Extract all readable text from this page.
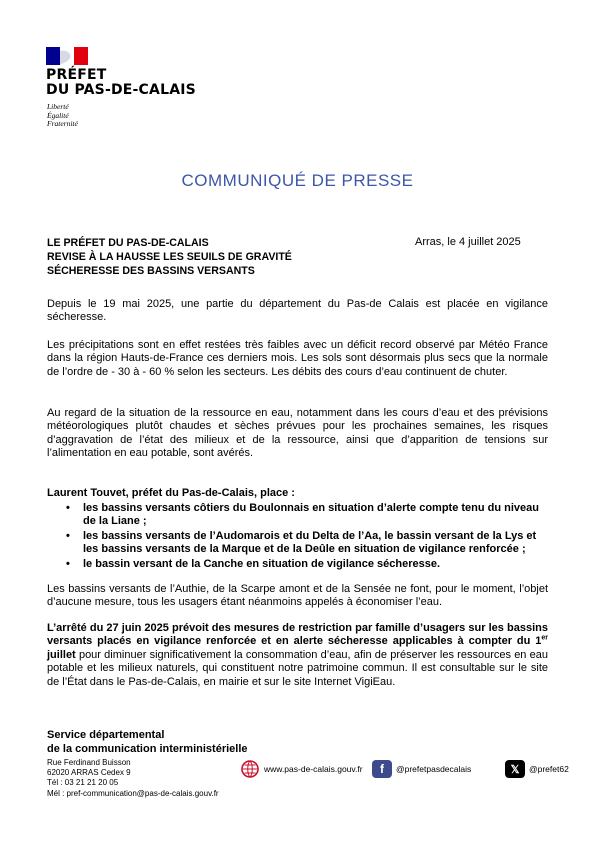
PRÉFET
DU PAS-DE-CALAIS
Liberté
Égalité
Fraternité
COMMUNIQUÉ DE PRESSE
LE PRÉFET DU PAS-DE-CALAIS
REVISE À LA HAUSSE LES SEUILS DE GRAVITÉ
SÉCHERESSE DES BASSINS VERSANTS
Arras, le 4 juillet 2025
Depuis le 19 mai 2025, une partie du département du Pas-de Calais est placée en vigilance sécheresse.
Les précipitations sont en effet restées très faibles avec un déficit record observé par Météo France dans la région Hauts-de-France ces derniers mois. Les sols sont désormais plus secs que la normale de l’ordre de - 30 à - 60 % selon les secteurs. Les débits des cours d’eau continuent de chuter.
Au regard de la situation de la ressource en eau, notamment dans les cours d’eau et des prévisions météorologiques plutôt chaudes et sèches prévues pour les prochaines semaines, les risques d’aggravation de l’état des milieux et de la ressource, ainsi que d’apparition de tensions sur l’alimentation en eau potable, sont avérés.
Laurent Touvet, préfet du Pas-de-Calais, place :
• les bassins versants côtiers du Boulonnais en situation d’alerte compte tenu du niveau de la Liane ;
• les bassins versants de l’Audomarois et du Delta de l’Aa, le bassin versant de la Lys et les bassins versants de la Marque et de la Deûle en situation de vigilance renforcée ;
• le bassin versant de la Canche en situation de vigilance sécheresse.
Les bassins versants de l’Authie, de la Scarpe amont et de la Sensée ne font, pour le moment, l’objet d’aucune mesure, tous les usagers étant néanmoins appelés à économiser l’eau.
L’arrêté du 27 juin 2025 prévoit des mesures de restriction par famille d’usagers sur les bassins versants placés en vigilance renforcée et en alerte sécheresse applicables à compter du 1er juillet pour diminuer significativement la consommation d’eau, afin de préserver les ressources en eau potable et les milieux naturels, qui constituent notre patrimoine commun. Il est consultable sur le site de l’État dans le Pas-de-Calais, en mairie et sur le site Internet VigiEau.
Service départemental
de la communication interministérielle
Rue Ferdinand Buisson
62020 ARRAS Cedex 9
Tél : 03 21 21 20 05
Mél : pref-communication@pas-de-calais.gouv.fr
www.pas-de-calais.gouv.fr	f	@prefetpasdecalais	𝕏	@prefet62
